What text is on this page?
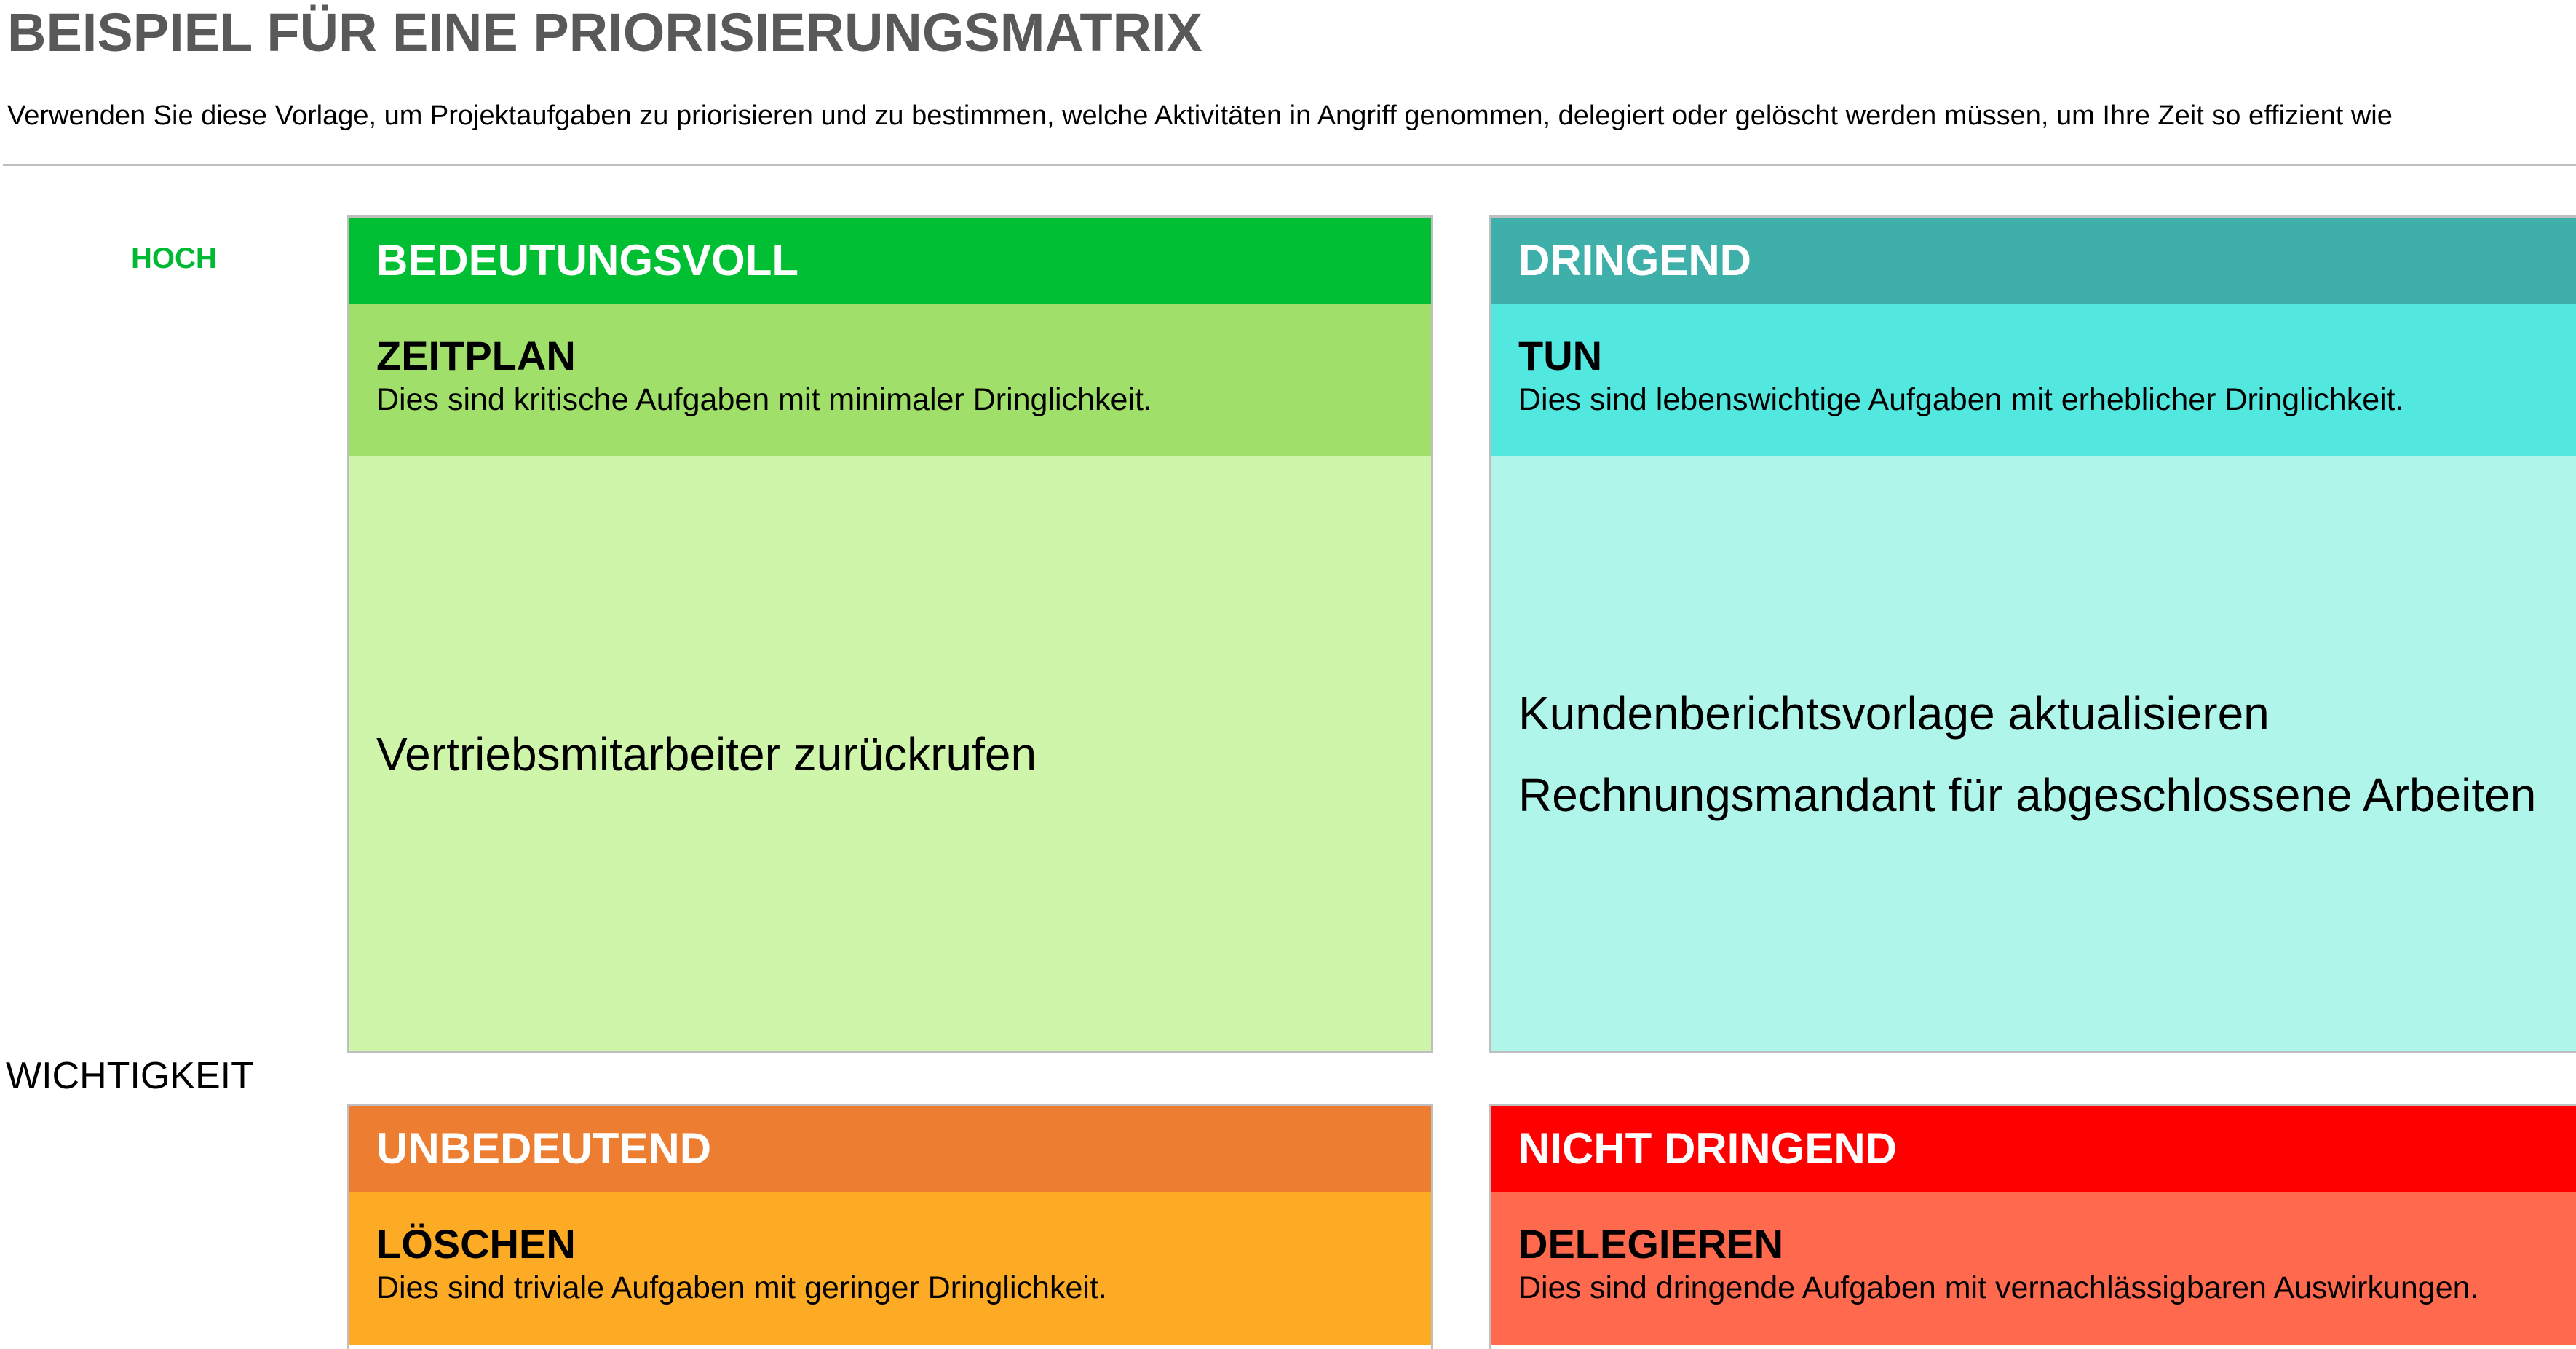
BEISPIEL FÜR EINE PRIORISIERUNGSMATRIX
Verwenden Sie diese Vorlage, um Projektaufgaben zu priorisieren und zu bestimmen, welche Aktivitäten in Angriff genommen, delegiert oder gelöscht werden müssen, um Ihre Zeit so effizient wie
HOCH
WICHTIGKEIT
BEDEUTUNGSVOLL
ZEITPLAN
Dies sind kritische Aufgaben mit minimaler Dringlichkeit.
Vertriebsmitarbeiter zurückrufen
DRINGEND
TUN
Dies sind lebenswichtige Aufgaben mit erheblicher Dringlichkeit.
Kundenberichtsvorlage aktualisieren
Rechnungsmandant für abgeschlossene Arbeiten
UNBEDEUTEND
LÖSCHEN
Dies sind triviale Aufgaben mit geringer Dringlichkeit.
NICHT DRINGEND
DELEGIEREN
Dies sind dringende Aufgaben mit vernachlässigbaren Auswirkungen.
